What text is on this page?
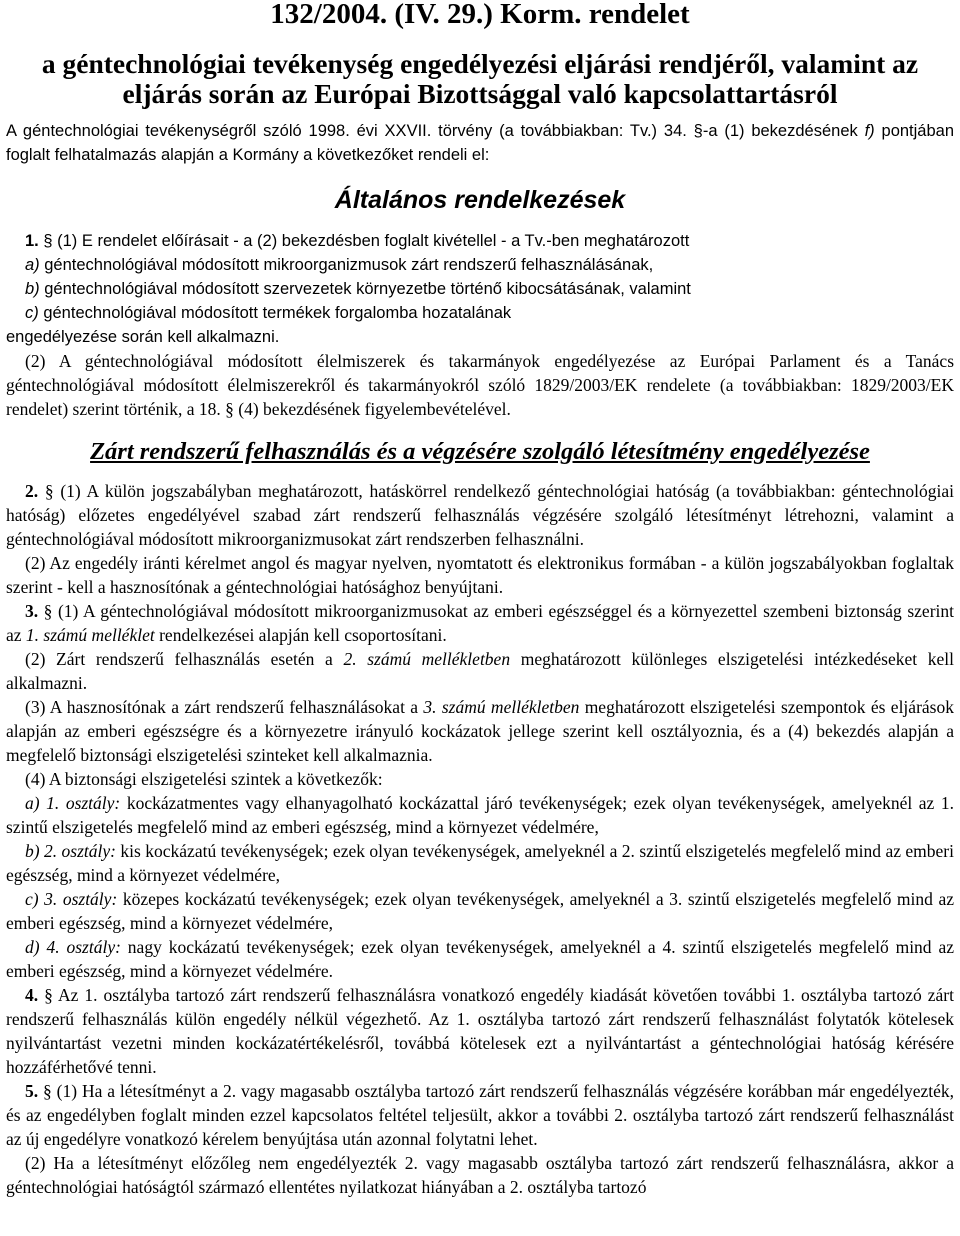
132/2004. (IV. 29.) Korm. rendelet
a géntechnológiai tevékenység engedélyezési eljárási rendjéről, valamint az
eljárás során az Európai Bizottsággal való kapcsolattartásról

A géntechnológiai tevékenységről szóló 1998. évi XXVII. törvény (a továbbiakban: Tv.) 34. §-a (1) bekezdésének f) pontjában foglalt felhatalmazás alapján a Kormány a következőket rendeli el:

Általános rendelkezések
1. § (1) E rendelet előírásait - a (2) bekezdésben foglalt kivétellel - a Tv.-ben meghatározott
a) géntechnológiával módosított mikroorganizmusok zárt rendszerű felhasználásának,
b) géntechnológiával módosított szervezetek környezetbe történő kibocsátásának, valamint
c) géntechnológiával módosított termékek forgalomba hozatalának
engedélyezése során kell alkalmazni.
(2) A géntechnológiával módosított élelmiszerek és takarmányok engedélyezése az Európai Parlament és a Tanács géntechnológiával módosított élelmiszerekről és takarmányokról szóló 1829/2003/EK rendelete (a továbbiakban: 1829/2003/EK rendelet) szerint történik, a 18. § (4) bekezdésének figyelembevételével.
Zárt rendszerű felhasználás és a végzésére szolgáló létesítmény engedélyezése
2. § (1) A külön jogszabályban meghatározott, hatáskörrel rendelkező géntechnológiai hatóság (a továbbiakban: géntechnológiai hatóság) előzetes engedélyével szabad zárt rendszerű felhasználás végzésére szolgáló létesítményt létrehozni, valamint a géntechnológiával módosított mikroorganizmusokat zárt rendszerben felhasználni.
(2) Az engedély iránti kérelmet angol és magyar nyelven, nyomtatott és elektronikus formában - a külön jogszabályokban foglaltak szerint - kell a hasznosítónak a géntechnológiai hatósághoz benyújtani.
3. § (1) A géntechnológiával módosított mikroorganizmusokat az emberi egészséggel és a környezettel szembeni biztonság szerint az 1. számú melléklet rendelkezései alapján kell csoportosítani.
(2) Zárt rendszerű felhasználás esetén a 2. számú mellékletben meghatározott különleges elszigetelési intézkedéseket kell alkalmazni.
(3) A hasznosítónak a zárt rendszerű felhasználásokat a 3. számú mellékletben meghatározott elszigetelési szempontok és eljárások alapján az emberi egészségre és a környezetre irányuló kockázatok jellege szerint kell osztályoznia, és a (4) bekezdés alapján a megfelelő biztonsági elszigetelési szinteket kell alkalmaznia.
(4) A biztonsági elszigetelési szintek a következők:
a) 1. osztály: kockázatmentes vagy elhanyagolható kockázattal járó tevékenységek; ezek olyan tevékenységek, amelyeknél az 1. szintű elszigetelés megfelelő mind az emberi egészség, mind a környezet védelmére,
b) 2. osztály: kis kockázatú tevékenységek; ezek olyan tevékenységek, amelyeknél a 2. szintű elszigetelés megfelelő mind az emberi egészség, mind a környezet védelmére,
c) 3. osztály: közepes kockázatú tevékenységek; ezek olyan tevékenységek, amelyeknél a 3. szintű elszigetelés megfelelő mind az emberi egészség, mind a környezet védelmére,
d) 4. osztály: nagy kockázatú tevékenységek; ezek olyan tevékenységek, amelyeknél a 4. szintű elszigetelés megfelelő mind az emberi egészség, mind a környezet védelmére.
4. § Az 1. osztályba tartozó zárt rendszerű felhasználásra vonatkozó engedély kiadását követően további 1. osztályba tartozó zárt rendszerű felhasználás külön engedély nélkül végezhető. Az 1. osztályba tartozó zárt rendszerű felhasználást folytatók kötelesek nyilvántartást vezetni minden kockázatértékelésről, továbbá kötelesek ezt a nyilvántartást a géntechnológiai hatóság kérésére hozzáférhetővé tenni.
5. § (1) Ha a létesítményt a 2. vagy magasabb osztályba tartozó zárt rendszerű felhasználás végzésére korábban már engedélyezték, és az engedélyben foglalt minden ezzel kapcsolatos feltétel teljesült, akkor a további 2. osztályba tartozó zárt rendszerű felhasználást az új engedélyre vonatkozó kérelem benyújtása után azonnal folytatni lehet.
(2) Ha a létesítményt előzőleg nem engedélyezték 2. vagy magasabb osztályba tartozó zárt rendszerű felhasználásra, akkor a géntechnológiai hatóságtól származó ellentétes nyilatkozat hiányában a 2. osztályba tartozó
